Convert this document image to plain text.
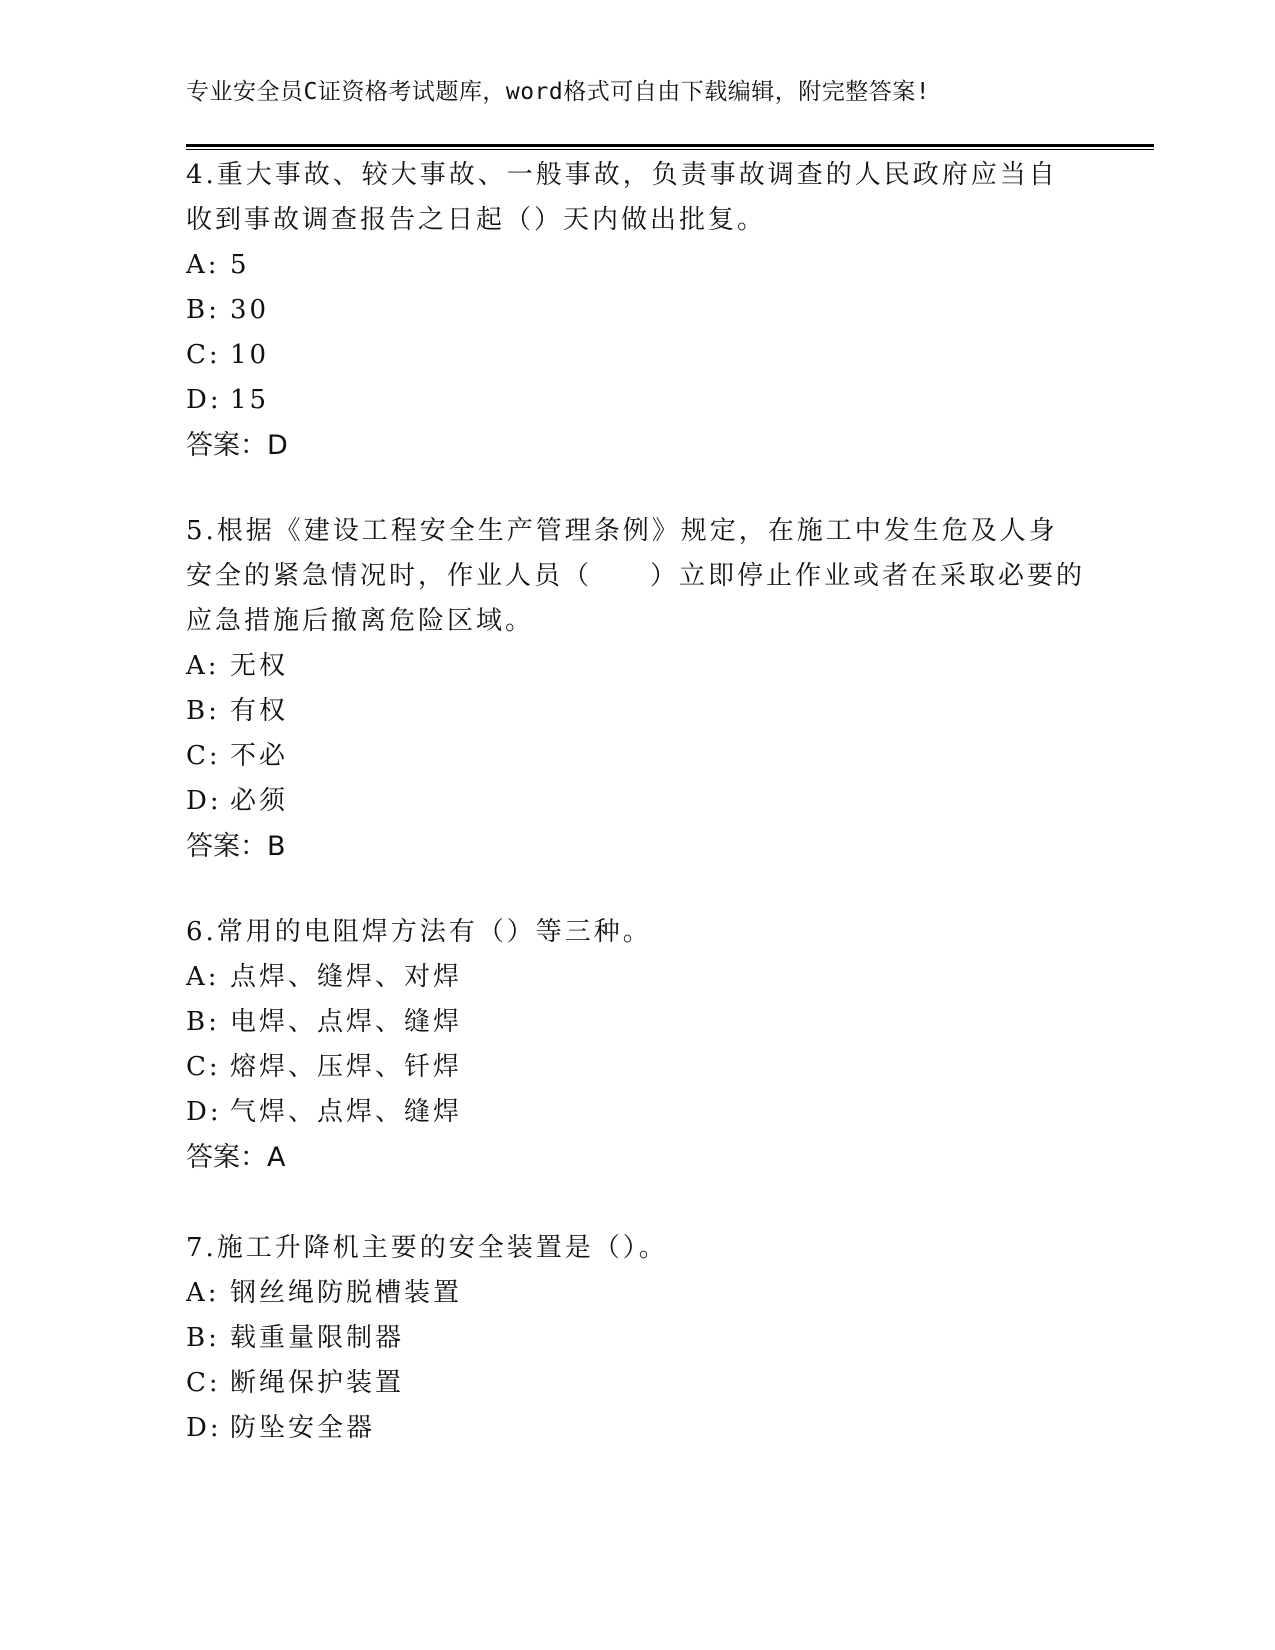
专业安全员C证资格考试题库，word格式可自由下载编辑，附完整答案!
4.重大事故、较大事故、一般事故，负责事故调查的人民政府应当自
收到事故调查报告之日起（）天内做出批复。
A: 5
B: 30
C: 10
D: 15
答案：D
5.根据《建设工程安全生产管理条例》规定，在施工中发生危及人身
安全的紧急情况时，作业人员（　　）立即停止作业或者在采取必要的
应急措施后撤离危险区域。
A: 无权
B: 有权
C: 不必
D: 必须
答案：B
6.常用的电阻焊方法有（）等三种。
A: 点焊、缝焊、对焊
B: 电焊、点焊、缝焊
C: 熔焊、压焊、钎焊
D: 气焊、点焊、缝焊
答案：A
7.施工升降机主要的安全装置是（）。
A: 钢丝绳防脱槽装置
B: 载重量限制器
C: 断绳保护装置
D: 防坠安全器
